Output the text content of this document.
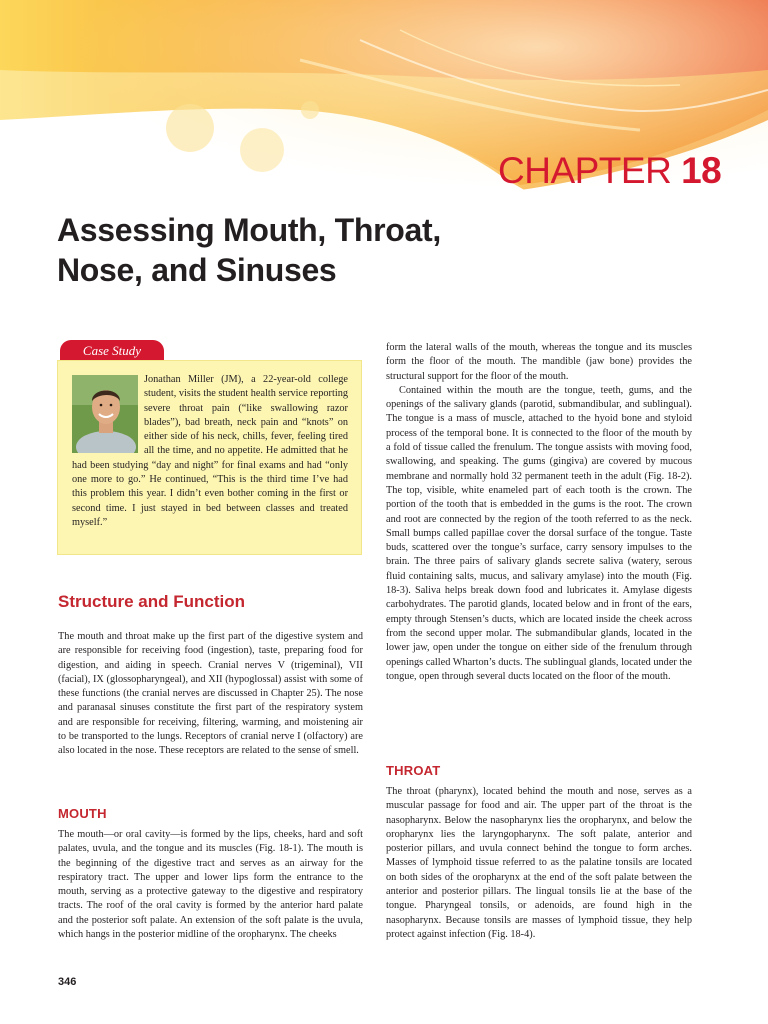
CHAPTER 18
Assessing Mouth, Throat,
Nose, and Sinuses
Case Study
Jonathan Miller (JM), a 22-year-old college student, visits the student health service reporting severe throat pain (“like swallowing razor blades”), bad breath, neck pain and “knots” on either side of his neck, chills, fever, feeling tired all the time, and no appetite. He admitted that he had been studying “day and night” for final exams and had “only one more to go.” He continued, “This is the third time I’ve had this problem this year. I didn’t even bother coming in the first or second time. I just stayed in bed between classes and treated myself.”
Structure and Function

The mouth and throat make up the first part of the digestive system and are responsible for receiving food (ingestion), taste, preparing food for digestion, and aiding in speech. Cranial nerves V (trigeminal), VII (facial), IX (glossopharyngeal), and XII (hypoglossal) assist with some of these functions (the cranial nerves are discussed in Chapter 25). The nose and paranasal sinuses constitute the first part of the respiratory system and are responsible for receiving, filtering, warming, and moistening air to be transported to the lungs. Receptors of cranial nerve I (olfactory) are also located in the nose. These receptors are related to the sense of smell.

MOUTH

The mouth—or oral cavity—is formed by the lips, cheeks, hard and soft palates, uvula, and the tongue and its muscles (Fig. 18-1). The mouth is the beginning of the digestive tract and serves as an airway for the respiratory tract. The upper and lower lips form the entrance to the mouth, serving as a protective gateway to the digestive and respiratory tracts. The roof of the oral cavity is formed by the anterior hard palate and the posterior soft palate. An extension of the soft palate is the uvula, which hangs in the posterior midline of the oropharynx. The cheeks

form the lateral walls of the mouth, whereas the tongue and its muscles form the floor of the mouth. The mandible (jaw bone) provides the structural support for the floor of the mouth.

Contained within the mouth are the tongue, teeth, gums, and the openings of the salivary glands (parotid, submandibular, and sublingual). The tongue is a mass of muscle, attached to the hyoid bone and styloid process of the temporal bone. It is connected to the floor of the mouth by a fold of tissue called the frenulum. The tongue assists with moving food, swallowing, and speaking. The gums (gingiva) are covered by mucous membrane and normally hold 32 permanent teeth in the adult (Fig. 18-2). The top, visible, white enameled part of each tooth is the crown. The portion of the tooth that is embedded in the gums is the root. The crown and root are connected by the region of the tooth referred to as the neck. Small bumps called papillae cover the dorsal surface of the tongue. Taste buds, scattered over the tongue’s surface, carry sensory impulses to the brain. The three pairs of salivary glands secrete saliva (watery, serous fluid containing salts, mucus, and salivary amylase) into the mouth (Fig. 18-3). Saliva helps break down food and lubricates it. Amylase digests carbohydrates. The parotid glands, located below and in front of the ears, empty through Stensen’s ducts, which are located inside the cheek across from the second upper molar. The submandibular glands, located in the lower jaw, open under the tongue on either side of the frenulum through openings called Wharton’s ducts. The sublingual glands, located under the tongue, open through several ducts located on the floor of the mouth.

THROAT

The throat (pharynx), located behind the mouth and nose, serves as a muscular passage for food and air. The upper part of the throat is the nasopharynx. Below the nasopharynx lies the oropharynx, and below the oropharynx lies the laryngopharynx. The soft palate, anterior and posterior pillars, and uvula connect behind the tongue to form arches. Masses of lymphoid tissue referred to as the palatine tonsils are located on both sides of the oropharynx at the end of the soft palate between the anterior and posterior pillars. The lingual tonsils lie at the base of the tongue. Pharyngeal tonsils, or adenoids, are found high in the nasopharynx. Because tonsils are masses of lymphoid tissue, they help protect against infection (Fig. 18-4).

346
